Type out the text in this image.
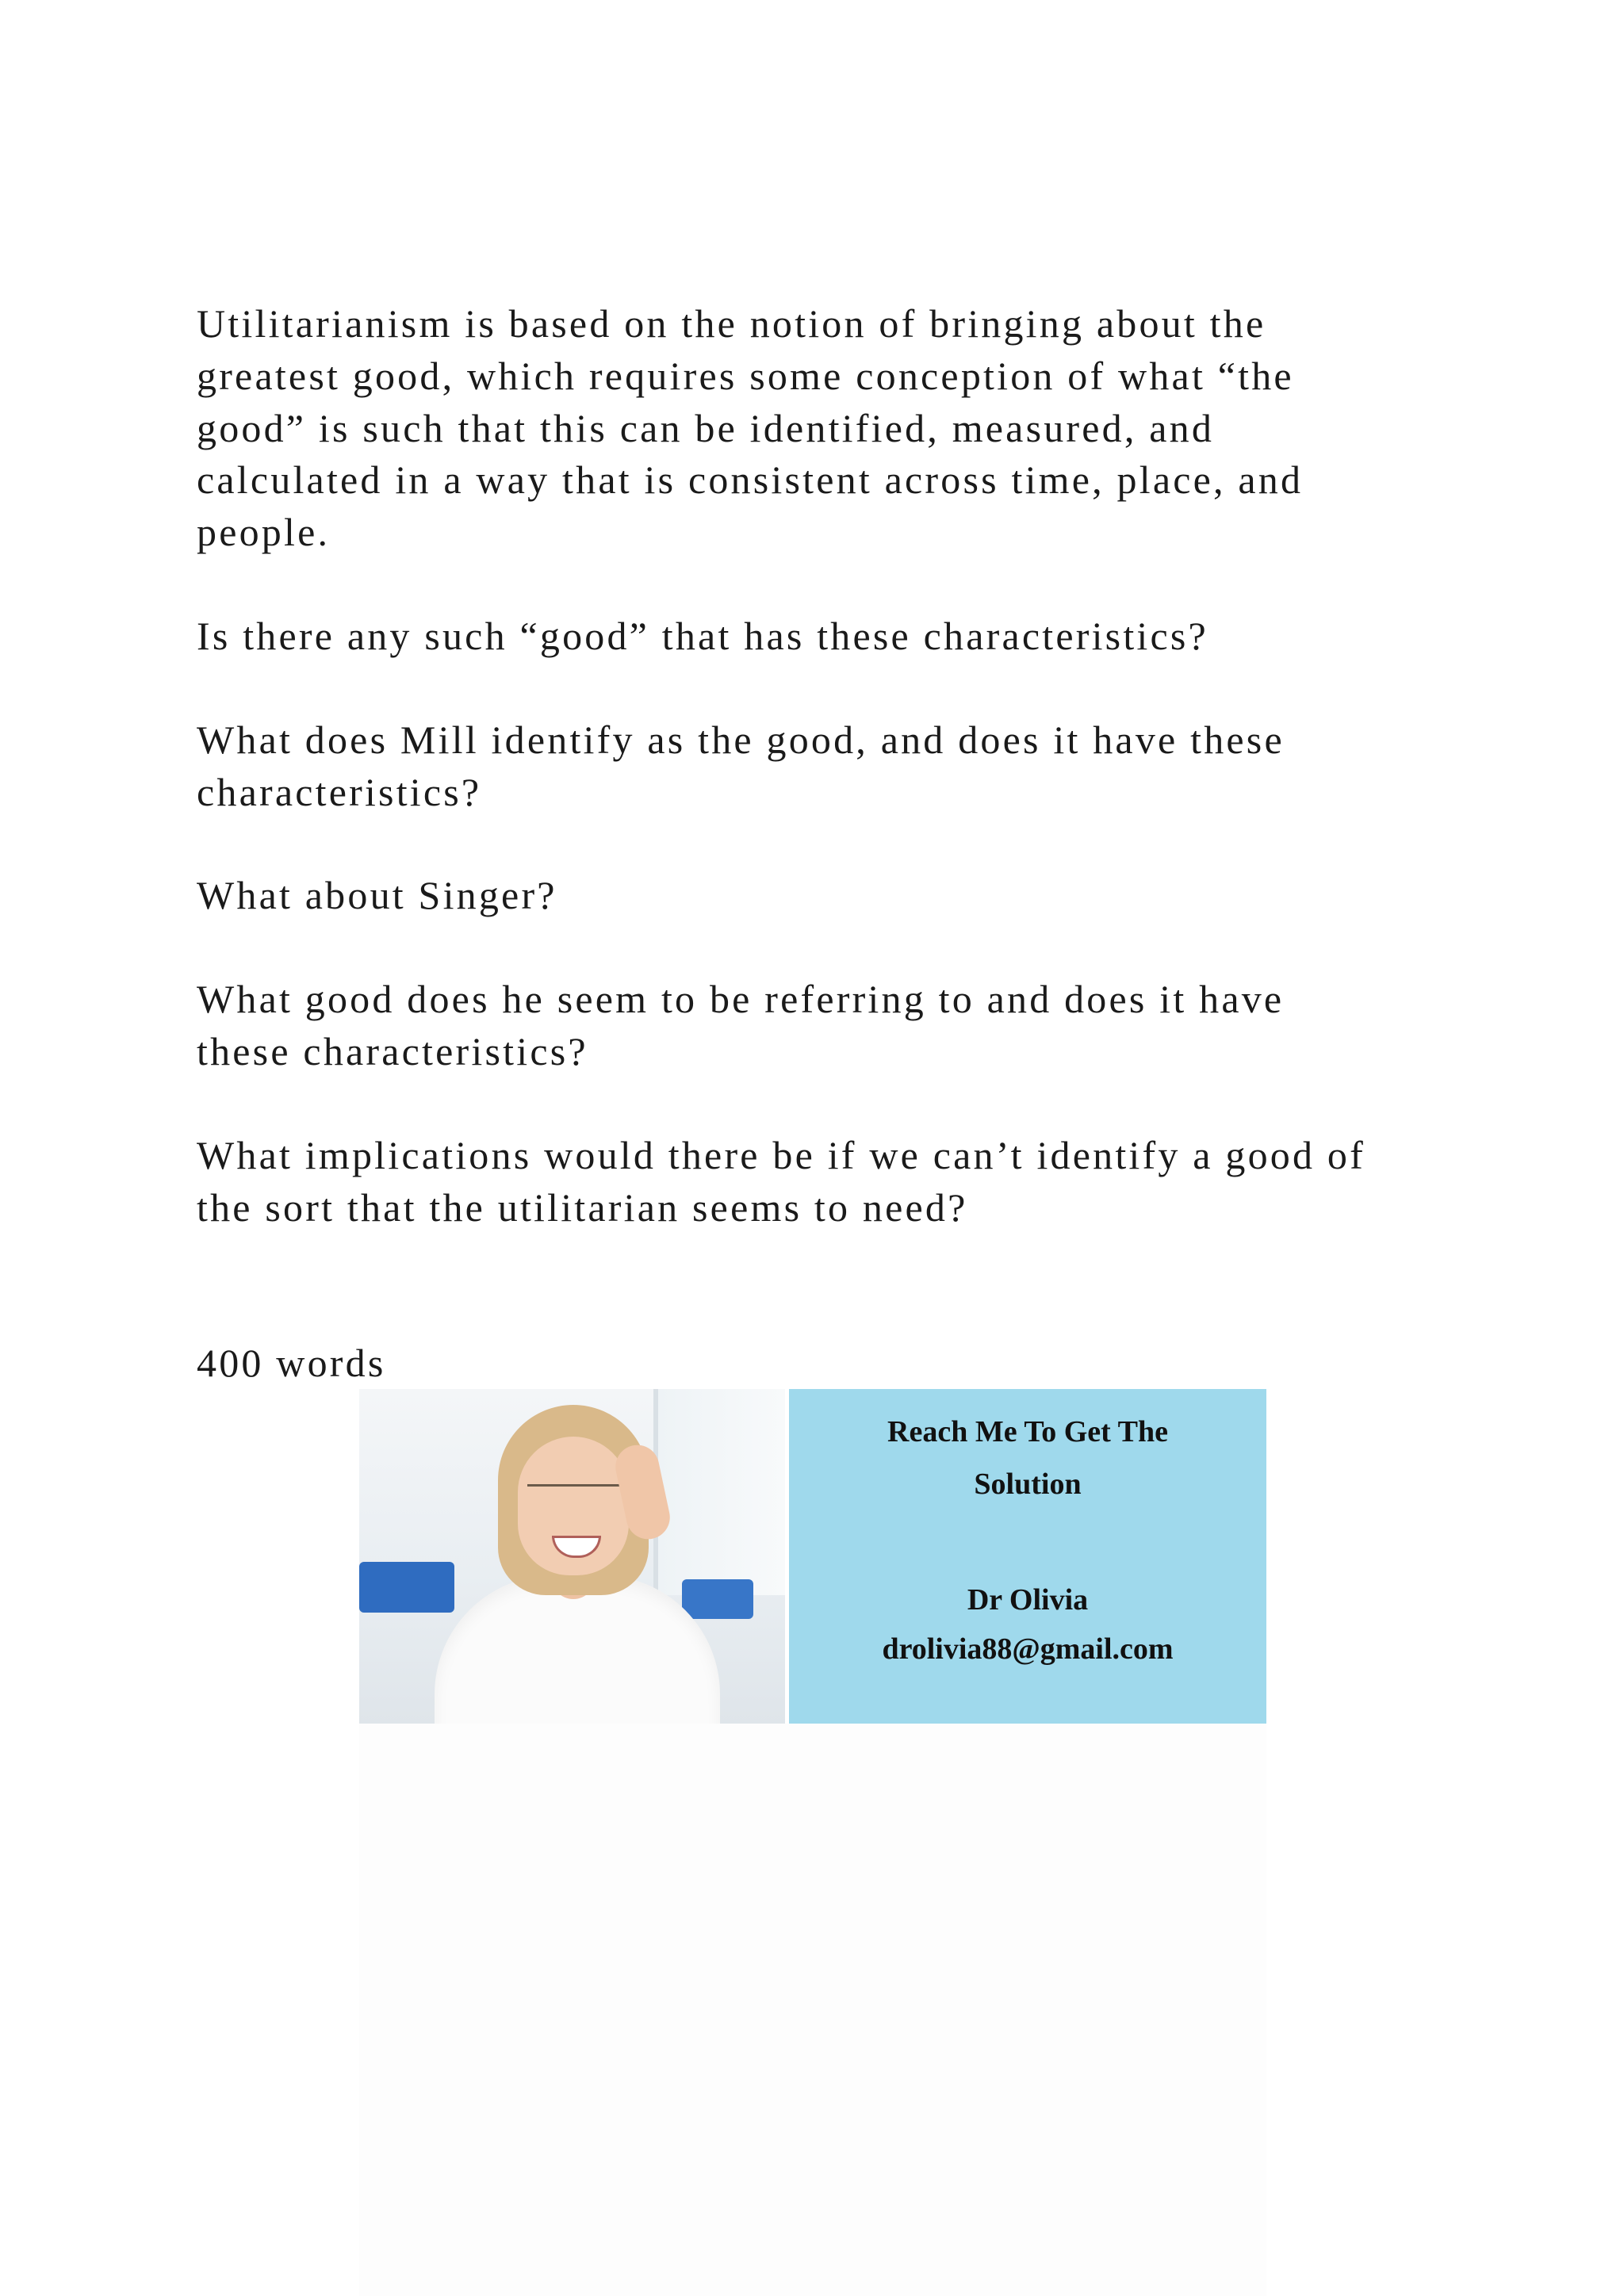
Utilitarianism is based on the notion of bringing about the

greatest good, which requires some conception of what “the

good” is such that this can be identified, measured, and

calculated in a way that is consistent across time, place, and

people.

Is there any such “good” that has these characteristics?

What does Mill identify as the good, and does it have these

characteristics?

What about Singer?

What good does he seem to be referring to and does it have

these characteristics?

What implications would there be if we can’t identify a good of

the sort that the utilitarian seems to need?

400 words

Reach Me To Get The
Solution
Dr Olivia
drolivia88@gmail.com
